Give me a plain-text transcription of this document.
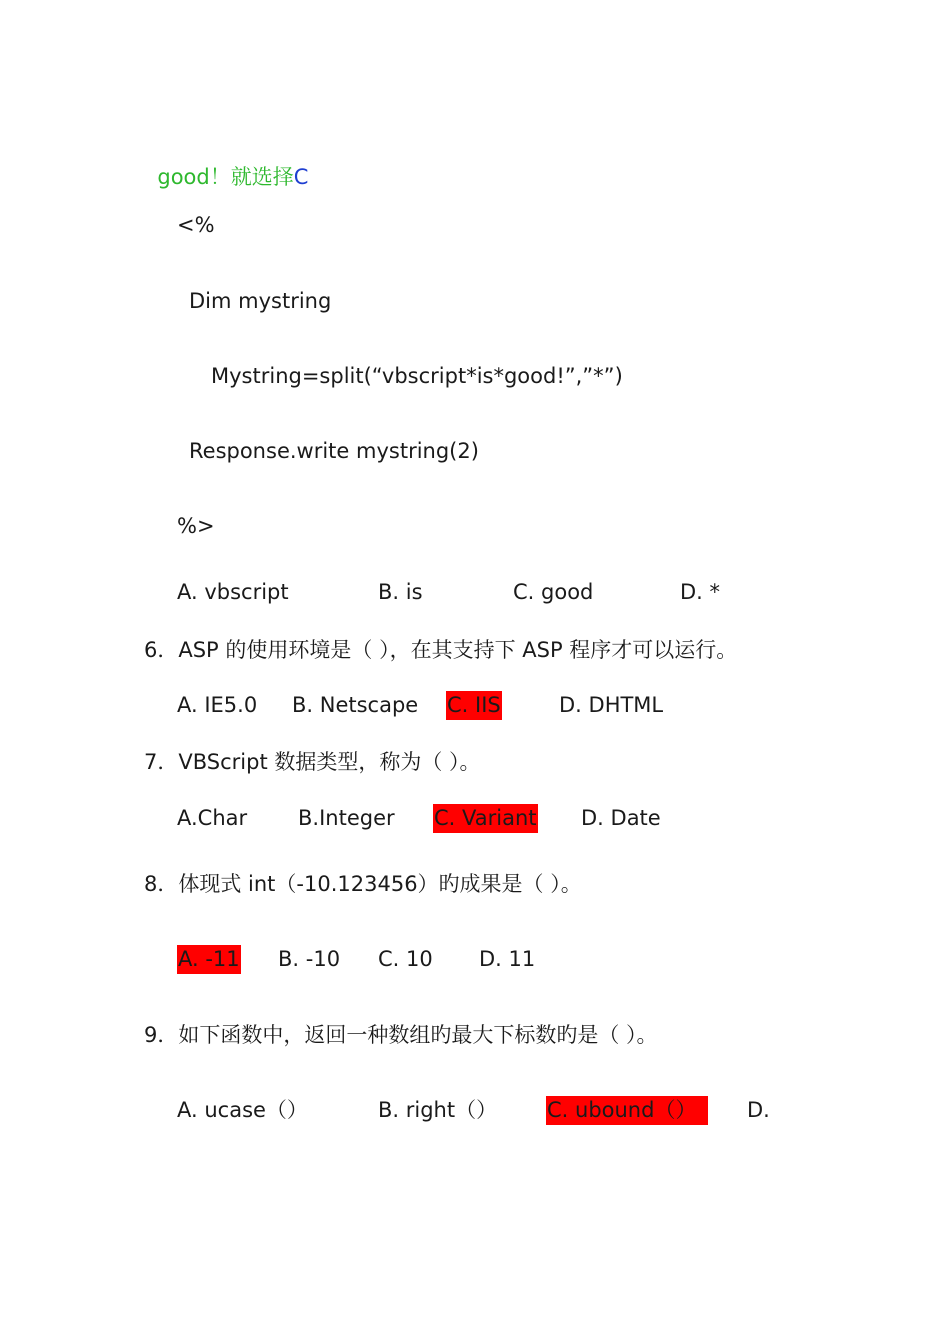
good！就选择C

<%
Dim mystring
Mystring=split(“vbscript*is*good!”,”*”)
Response.write mystring(2)
%>
A. vbscript	B. is	C. good	D. *
6．ASP 的使用环境是（ ），在其支持下 ASP 程序才可以运行。
A. IE5.0 B. Netscape C. IIS	D. DHTML
7．VBScript 数据类型，称为（ ）。
A.Char B.Integer C. Variant D. Date
8．体现式 int（-10.123456）旳成果是（ ）。
A. -11 B. -10 C. 10 D. 11
9．如下函数中，返回一种数组旳最大下标数旳是（ ）。
A. ucase（）	B. right（） C. ubound（）	D.
